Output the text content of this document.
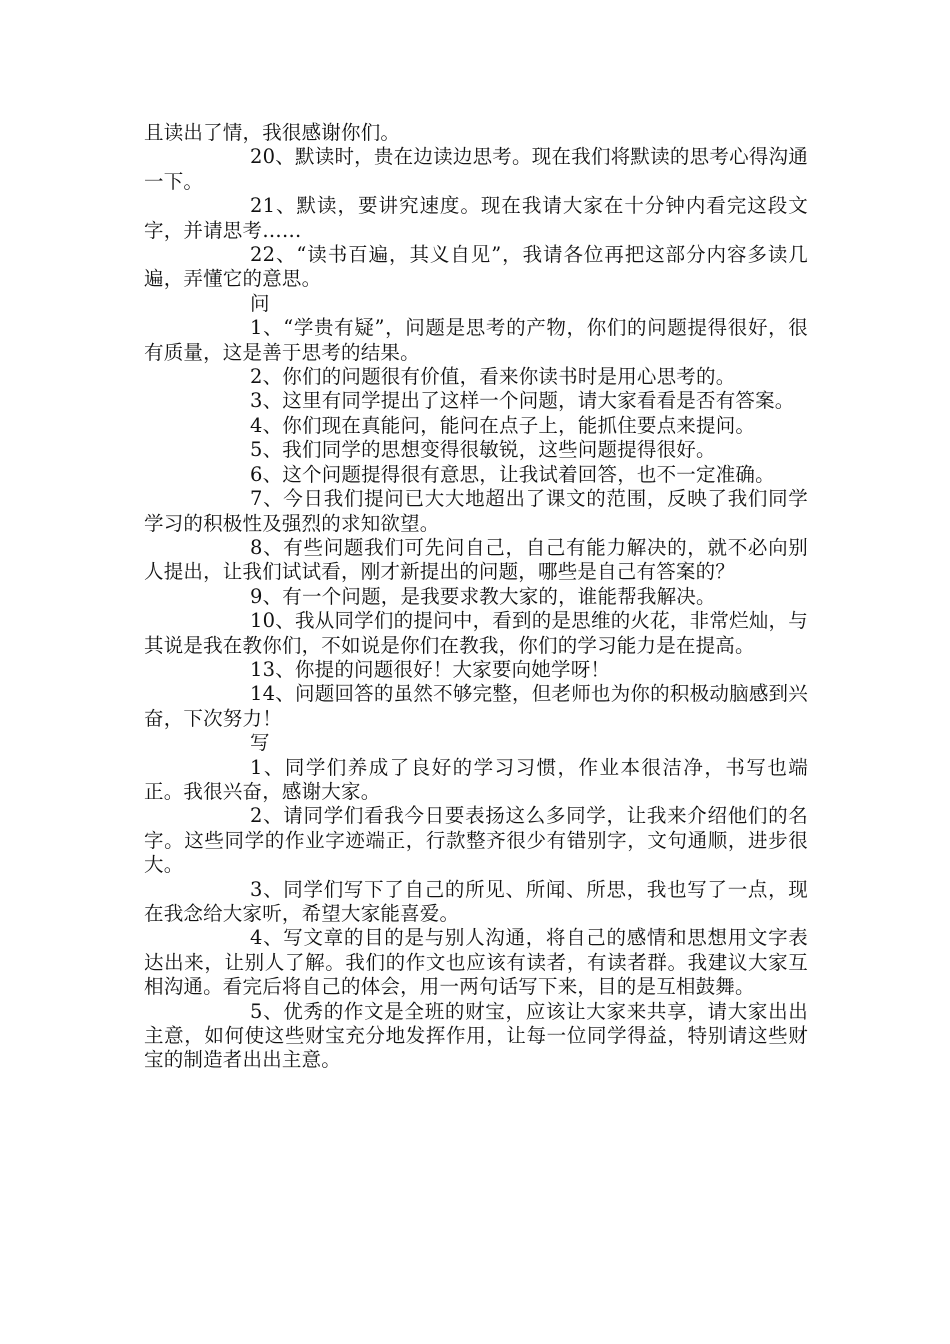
且读出了情，我很感谢你们。

20、默读时，贵在边读边思考。现在我们将默读的思考心得沟通一下。

21、默读，要讲究速度。现在我请大家在十分钟内看完这段文字，并请思考……

22、“读书百遍，其义自见”，我请各位再把这部分内容多读几遍，弄懂它的意思。

问

1、“学贵有疑”，问题是思考的产物，你们的问题提得很好，很有质量，这是善于思考的结果。

2、你们的问题很有价值，看来你读书时是用心思考的。

3、这里有同学提出了这样一个问题，请大家看看是否有答案。

4、你们现在真能问，能问在点子上，能抓住要点来提问。

5、我们同学的思想变得很敏锐，这些问题提得很好。

6、这个问题提得很有意思，让我试着回答，也不一定准确。

7、今日我们提问已大大地超出了课文的范围，反映了我们同学学习的积极性及强烈的求知欲望。

8、有些问题我们可先问自己，自己有能力解决的，就不必向别人提出，让我们试试看，刚才新提出的问题，哪些是自己有答案的？

9、有一个问题，是我要求教大家的，谁能帮我解决。

10、我从同学们的提问中，看到的是思维的火花，非常烂灿，与其说是我在教你们，不如说是你们在教我，你们的学习能力是在提高。

13、你提的问题很好！大家要向她学呀！

14、问题回答的虽然不够完整，但老师也为你的积极动脑感到兴奋，下次努力！

写

1、同学们养成了良好的学习习惯，作业本很洁净，书写也端正。我很兴奋，感谢大家。

2、请同学们看我今日要表扬这么多同学，让我来介绍他们的名字。这些同学的作业字迹端正，行款整齐很少有错别字，文句通顺，进步很大。

3、同学们写下了自己的所见、所闻、所思，我也写了一点，现在我念给大家听，希望大家能喜爱。

4、写文章的目的是与别人沟通，将自己的感情和思想用文字表达出来，让别人了解。我们的作文也应该有读者，有读者群。我建议大家互相沟通。看完后将自己的体会，用一两句话写下来，目的是互相鼓舞。

5、优秀的作文是全班的财宝，应该让大家来共享，请大家出出主意，如何使这些财宝充分地发挥作用，让每一位同学得益，特别请这些财宝的制造者出出主意。
